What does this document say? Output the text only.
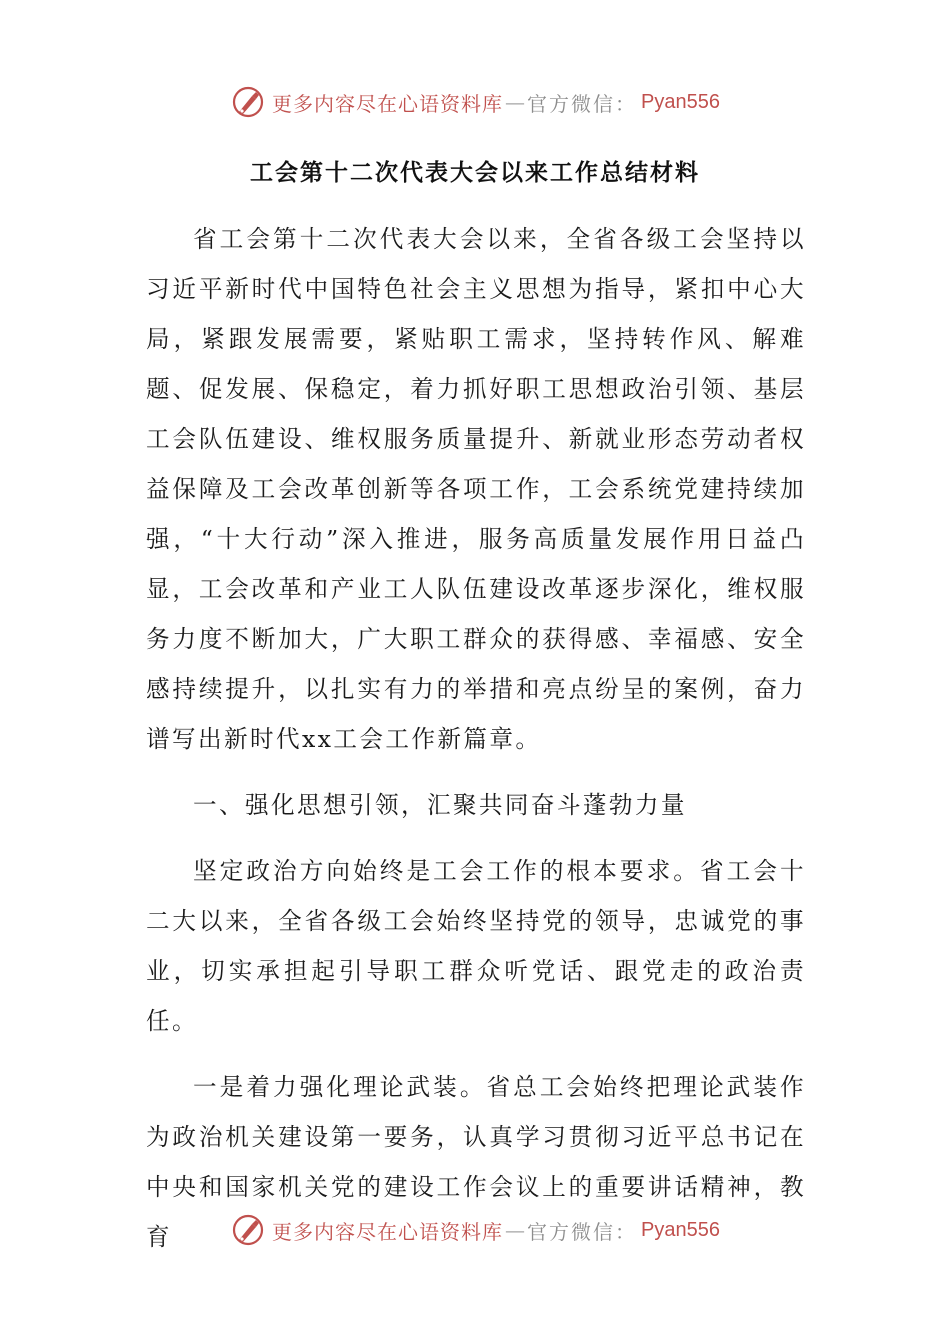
更多内容尽在心语资料库 — 官方微信： Pyan556
工会第十二次代表大会以来工作总结材料

省工会第十二次代表大会以来，全省各级工会坚持以习近平新时代中国特色社会主义思想为指导，紧扣中心大局，紧跟发展需要，紧贴职工需求，坚持转作风、解难题、促发展、保稳定，着力抓好职工思想政治引领、基层工会队伍建设、维权服务质量提升、新就业形态劳动者权益保障及工会改革创新等各项工作，工会系统党建持续加强，“十大行动”深入推进，服务高质量发展作用日益凸显，工会改革和产业工人队伍建设改革逐步深化，维权服务力度不断加大，广大职工群众的获得感、幸福感、安全感持续提升，以扎实有力的举措和亮点纷呈的案例，奋力谱写出新时代xx工会工作新篇章。

一、强化思想引领，汇聚共同奋斗蓬勃力量

坚定政治方向始终是工会工作的根本要求。省工会十二大以来，全省各级工会始终坚持党的领导，忠诚党的事业，切实承担起引导职工群众听党话、跟党走的政治责任。

一是着力强化理论武装。省总工会始终把理论武装作为政治机关建设第一要务，认真学习贯彻习近平总书记在中央和国家机关党的建设工作会议上的重要讲话精神，教育	更多内容尽在心语资料库 — 官方微信： Pyan556
